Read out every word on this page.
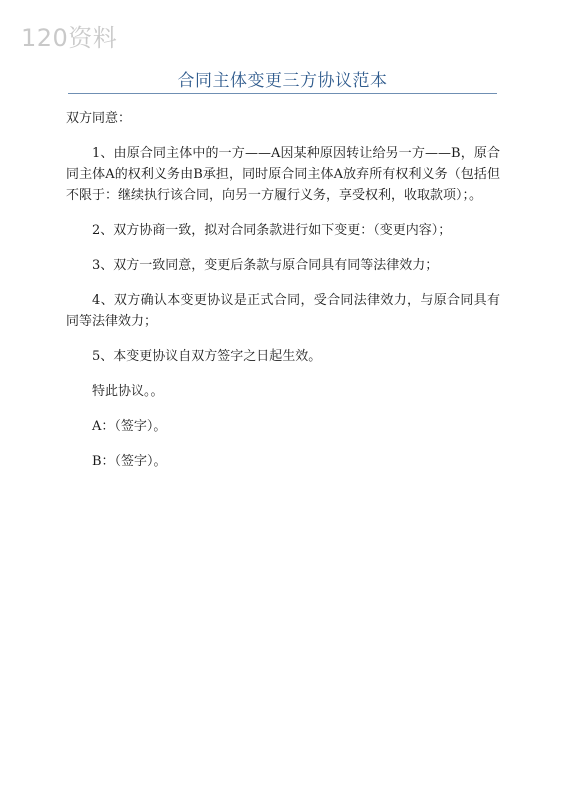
120资料
合同主体变更三方协议范本

双方同意：

1、由原合同主体中的一方——A因某种原因转让给另一方——B，原合同主体A的权利义务由B承担，同时原合同主体A放弃所有权利义务（包括但不限于：继续执行该合同，向另一方履行义务，享受权利，收取款项）；。

2、双方协商一致，拟对合同条款进行如下变更：（变更内容）；

3、双方一致同意，变更后条款与原合同具有同等法律效力；

4、双方确认本变更协议是正式合同，受合同法律效力，与原合同具有同等法律效力；

5、本变更协议自双方签字之日起生效。

特此协议。。

A：（签字）。

B：（签字）。
